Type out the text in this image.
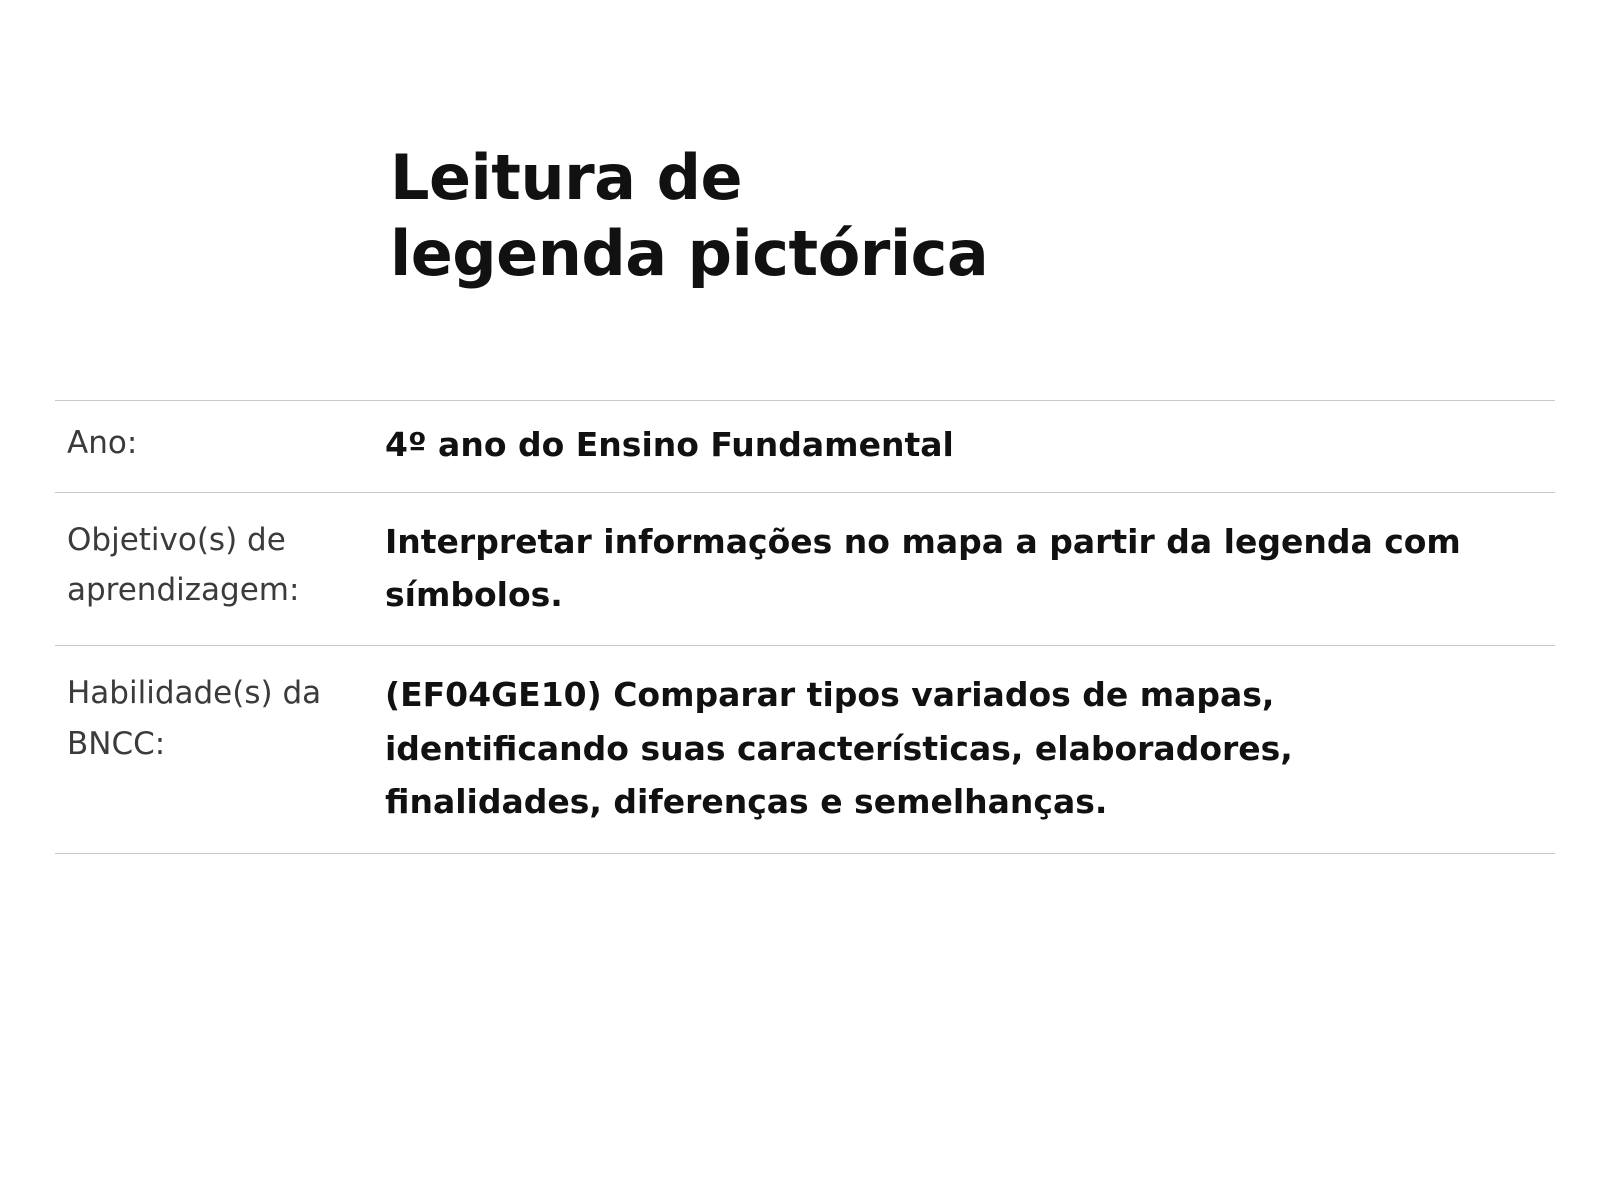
Leitura de
legenda pictórica
Ano:	4º ano do Ensino Fundamental
Objetivo(s) de aprendizagem:
Interpretar informações no mapa a partir da legenda com símbolos.
Habilidade(s) da BNCC:
(EF04GE10) Comparar tipos variados de mapas, identificando suas características, elaboradores, finalidades, diferenças e semelhanças.
